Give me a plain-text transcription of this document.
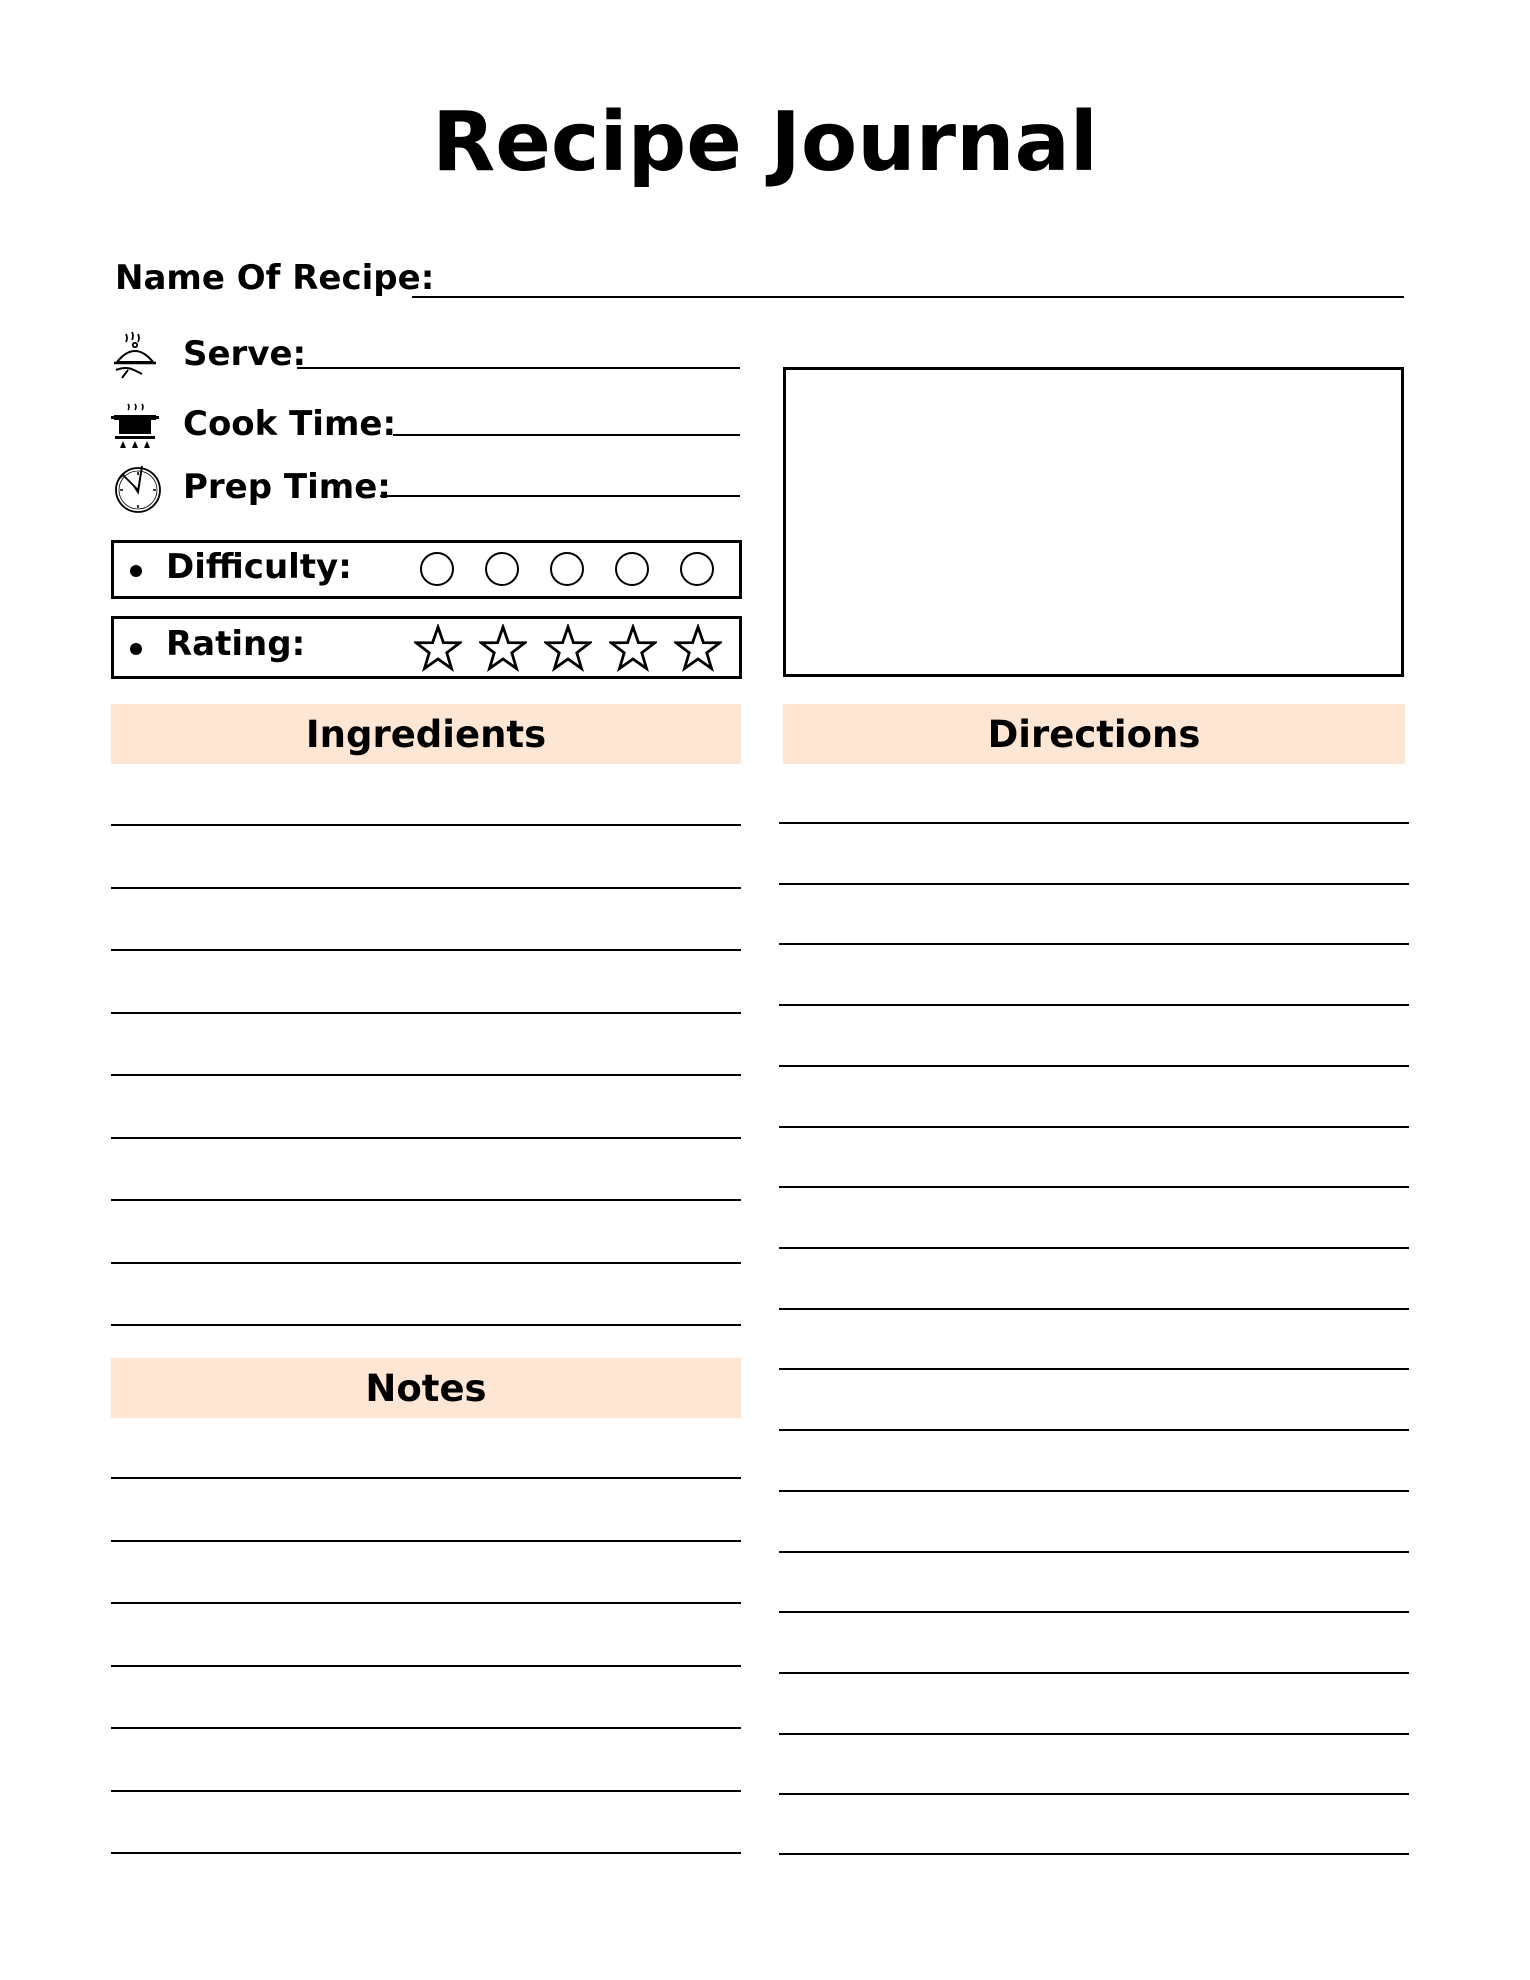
Recipe Journal
Name Of Recipe:
Serve:
Cook Time:
Prep Time:
Difficulty:
Rating:
Ingredients	Directions
Notes
